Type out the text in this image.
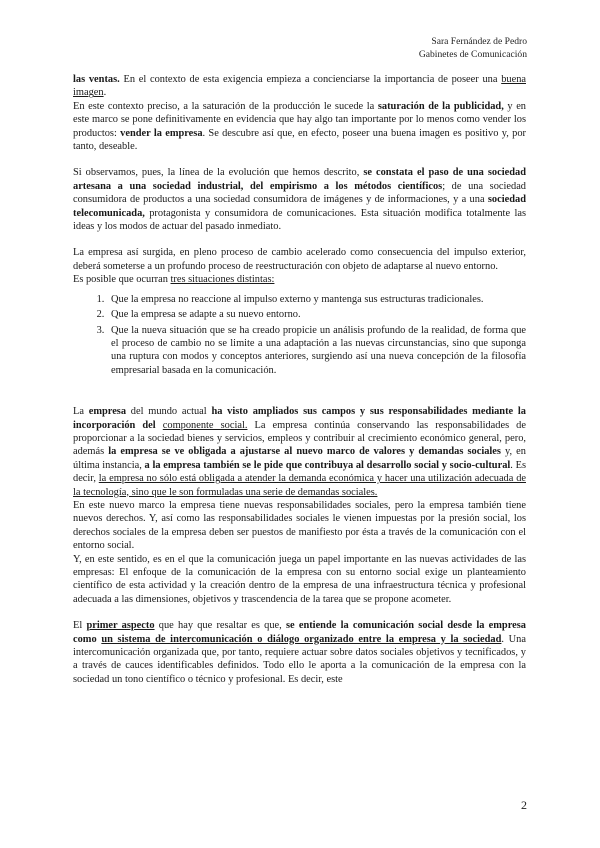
Sara Fernández de Pedro
Gabinetes de Comunicación

las ventas. En el contexto de esta exigencia empieza a concienciarse la importancia de poseer una buena imagen.

En este contexto preciso, a la saturación de la producción le sucede la saturación de la publicidad, y en este marco se pone definitivamente en evidencia que hay algo tan importante por lo menos como vender los productos: vender la empresa. Se descubre así que, en efecto, poseer una buena imagen es positivo y, por tanto, deseable.

Si observamos, pues, la línea de la evolución que hemos descrito, se constata el paso de una sociedad artesana a una sociedad industrial, del empirismo a los métodos científicos; de una sociedad consumidora de productos a una sociedad consumidora de imágenes y de informaciones, y a una sociedad telecomunicada, protagonista y consumidora de comunicaciones. Esta situación modifica totalmente las ideas y los modos de actuar del pasado inmediato.

La empresa así surgida, en pleno proceso de cambio acelerado como consecuencia del impulso exterior, deberá someterse a un profundo proceso de reestructuración con objeto de adaptarse al nuevo entorno.

Es posible que ocurran tres situaciones distintas:

1. Que la empresa no reaccione al impulso externo y mantenga sus estructuras tradicionales.
2. Que la empresa se adapte a su nuevo entorno.
3. Que la nueva situación que se ha creado propicie un análisis profundo de la realidad, de forma que el proceso de cambio no se limite a una adaptación a las nuevas circunstancias, sino que suponga una ruptura con modos y conceptos anteriores, surgiendo así una nueva concepción de la filosofía empresarial basada en la comunicación.

La empresa del mundo actual ha visto ampliados sus campos y sus responsabilidades mediante la incorporación del componente social. La empresa continúa conservando las responsabilidades de proporcionar a la sociedad bienes y servicios, empleos y contribuir al crecimiento económico general, pero, además la empresa se ve obligada a ajustarse al nuevo marco de valores y demandas sociales y, en última instancia, a la empresa también se le pide que contribuya al desarrollo social y socio-cultural. Es decir, la empresa no sólo está obligada a atender la demanda económica y hacer una utilización adecuada de la tecnología, sino que le son formuladas una serie de demandas sociales.

En este nuevo marco la empresa tiene nuevas responsabilidades sociales, pero la empresa también tiene nuevos derechos. Y, así como las responsabilidades sociales le vienen impuestas por la presión social, los derechos sociales de la empresa deben ser puestos de manifiesto por ésta a través de la comunicación con el entorno social.

Y, en este sentido, es en el que la comunicación juega un papel importante en las nuevas actividades de las empresas: El enfoque de la comunicación de la empresa con su entorno social exige un planteamiento científico de esta actividad y la creación dentro de la empresa de una infraestructura técnica y profesional adecuada a las dimensiones, objetivos y trascendencia de la tarea que se propone acometer.

El primer aspecto que hay que resaltar es que, se entiende la comunicación social desde la empresa como un sistema de intercomunicación o diálogo organizado entre la empresa y la sociedad. Una intercomunicación organizada que, por tanto, requiere actuar sobre datos sociales objetivos y tecnificados, y a través de cauces identificables definidos. Todo ello le aporta a la comunicación de la empresa con la sociedad un tono científico o técnico y profesional. Es decir, este

2
